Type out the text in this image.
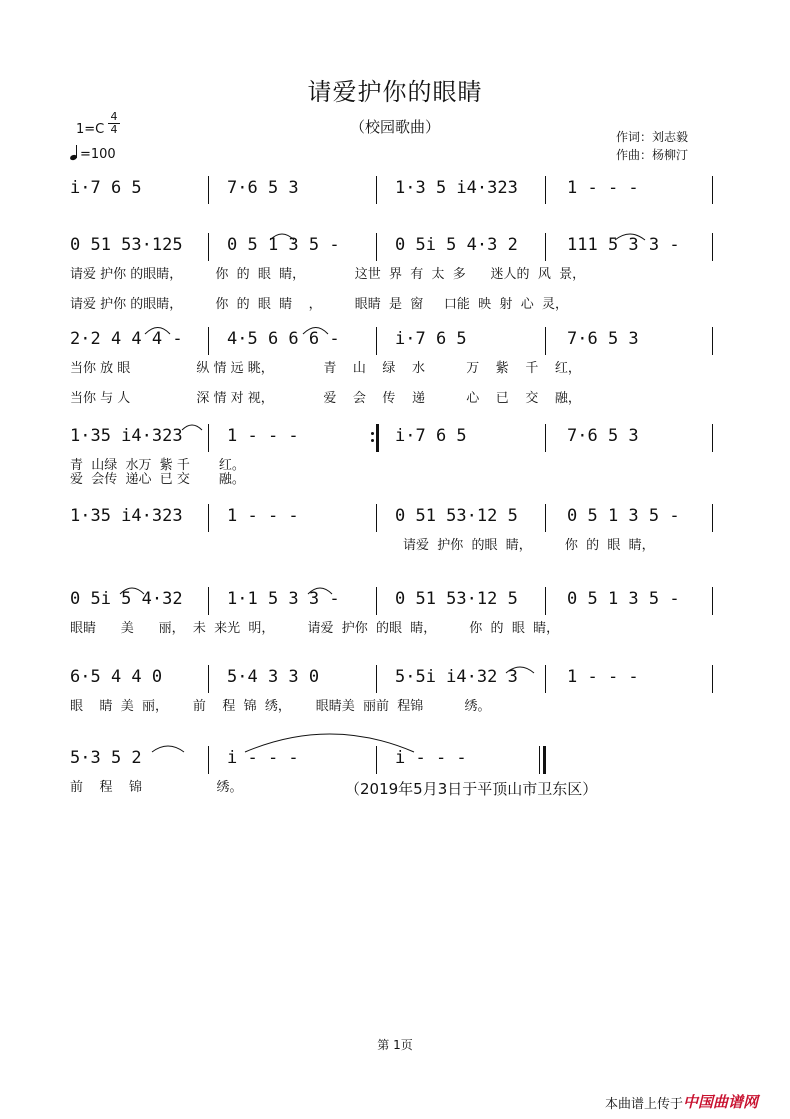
请爱护你的眼睛
（校园歌曲）
1=C
4
4
=100
作词：刘志毅
作曲：杨柳汀
i·7 6 5	7·6 5 3	1·3 5 i4·323	1 - - -
0 51 53·125	0 5 1 3 5 -	0 5i 5 4·3 2	111 5 3 3 -
请爱 护你 的眼睛，        你  的  眼  睛，            这世  界  有  太  多      迷人的  风  景，
请爱 护你 的眼睛，        你  的  眼  睛    ，        眼睛  是  窗     口能  映  射  心  灵，
2·2 4 4 4 -	4·5 6 6 6 -	i·7 6 5	7·6 5 3
当你 放 眼                纵 情 远 眺，            青    山    绿    水          万    紫    千    红，
当你 与 人                深 情 对 视，            爱    会    传    递          心    已    交    融，
1·35 i4·323	1 - - -	i·7 6 5	7·6 5 3
青  山绿  水万  紫 千       红。
爱  会传  递心  已 交       融。
1·35 i4·323	1 - - -	0 51 53·12 5	0 5 1 3 5 -
请爱  护你  的眼  睛，        你  的  眼  睛，
0 5i 5 4·32	1·1 5 3 3 -	0 51 53·12 5	0 5 1 3 5 -
眼睛      美      丽，  未  来光  明，        请爱  护你  的眼  睛，        你  的  眼  睛，
6·5 4 4 0	5·4 3 3 0	5·5i i4·32 3	1 - - -
眼    睛  美  丽，      前    程  锦  绣，      眼睛美  丽前  程锦          绣。
5·3 5 2	i - - -	i - - -
前    程    锦                  绣。	（2019年5月3日于平顶山市卫东区）
第 1页
本曲谱上传于 中国曲谱网
